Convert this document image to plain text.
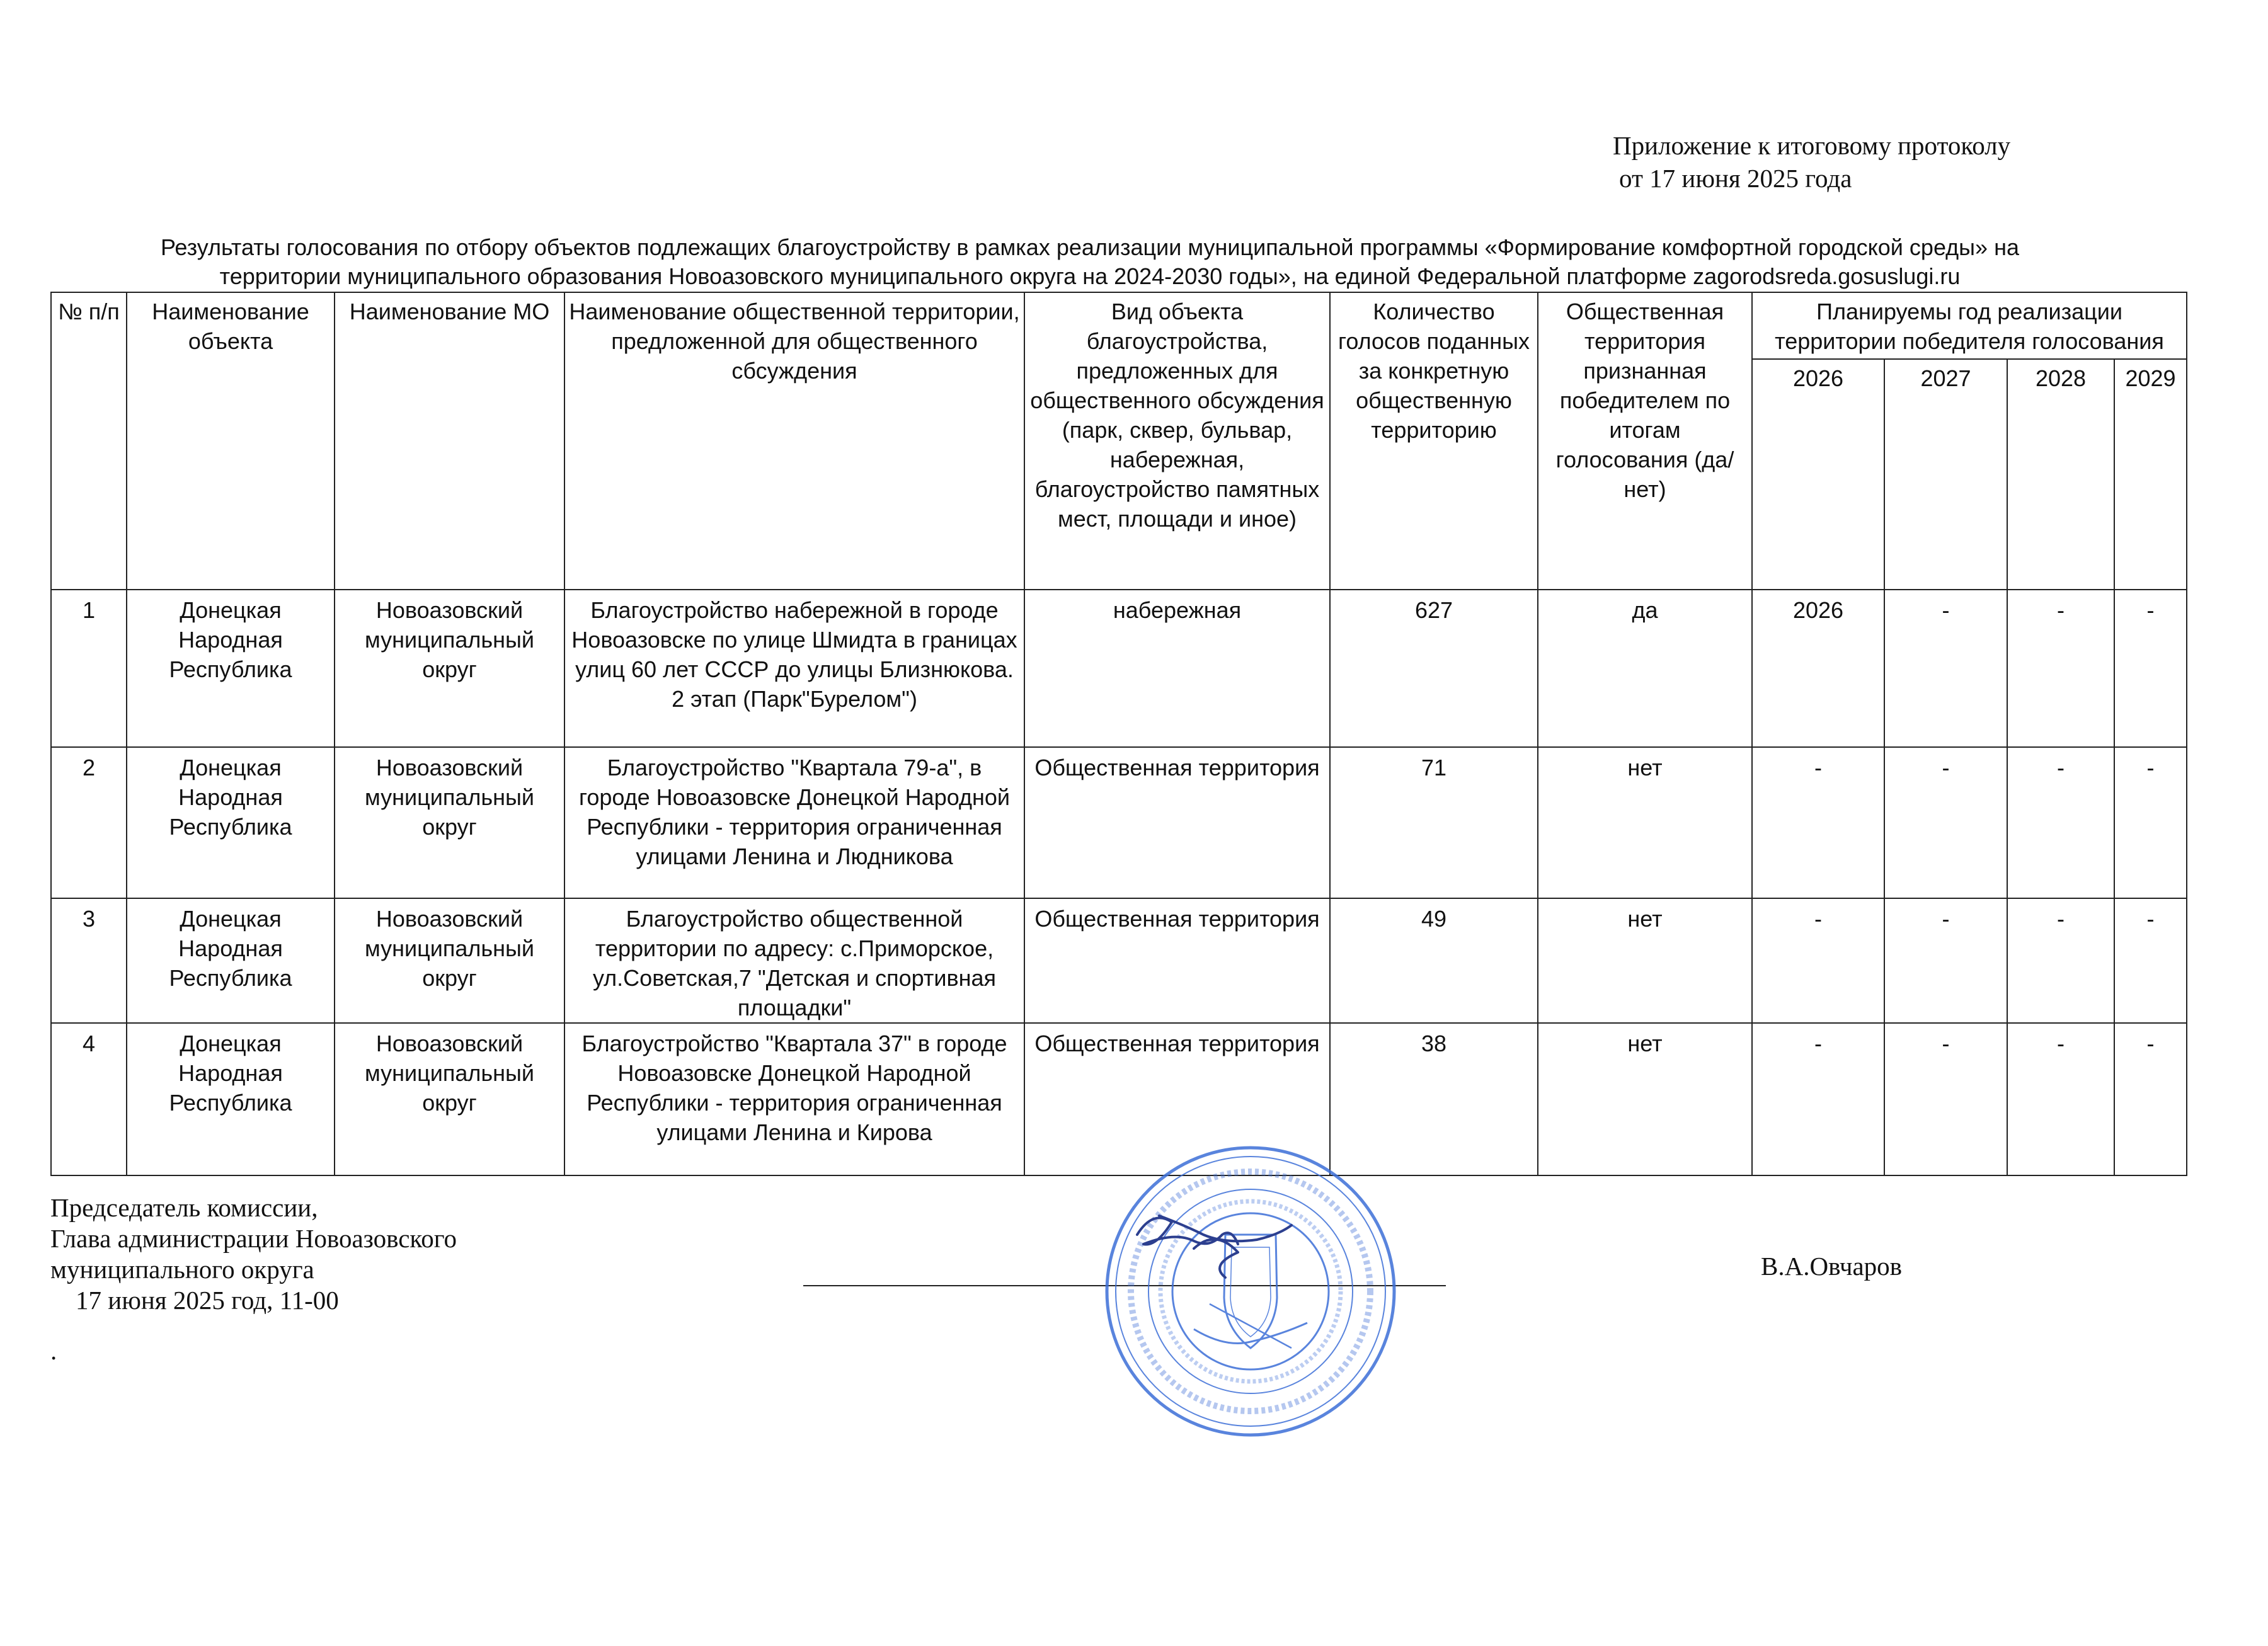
Приложение к итоговому протоколу
от 17 июня 2025 года
Результаты голосования по отбору объектов подлежащих благоустройству в рамках реализации муниципальной программы «Формирование комфортной городской среды» на
территории муниципального образования Новоазовского муниципального округа на 2024-2030 годы», на единой Федеральной платформе zagorodsreda.gosuslugi.ru
№ п/п	Наименование объекта	Наименование МО	Наименование общественной территории, предложенной для общественного сбсуждения	Вид объекта благоустройства, предложенных для общественного обсуждения (парк, сквер, бульвар, набережная, благоустройство памятных мест, площади и иное)	Количество голосов поданных за конкретную общественную территорию	Общественная территория признанная победителем по итогам голосования (да/нет)	Планируемы год реализации территории победителя голосования			
							2026	2027	2028	2029
1	Донецкая Народная Республика	Новоазовский муниципальный округ	Благоустройство набережной в городе Новоазовске по улице Шмидта в границах улиц 60 лет СССР до улицы Близнюкова. 2 этап (Парк"Бурелом")	набережная	627	да	2026	-	-	-
2	Донецкая Народная Республика	Новоазовский муниципальный округ	Благоустройство "Квартала 79-а", в городе Новоазовске Донецкой Народной Республики - территория ограниченная улицами Ленина и Людникова	Общественная территория	71	нет	-	-	-	-
3	Донецкая Народная Республика	Новоазовский муниципальный округ	Благоустройство общественной территории по адресу: с.Приморское, ул.Советская,7 "Детская и спортивная площадки"	Общественная территория	49	нет	-	-	-	-
4	Донецкая Народная Республика	Новоазовский муниципальный округ	Благоустройство "Квартала 37" в городе Новоазовске Донецкой Народной Республики - территория ограниченная улицами Ленина и Кирова	Общественная территория	38	нет	-	-	-	-
Председатель комиссии,
Глава администрации Новоазовского
муниципального округа
17 июня 2025 год, 11-00
В.А.Овчаров
.
